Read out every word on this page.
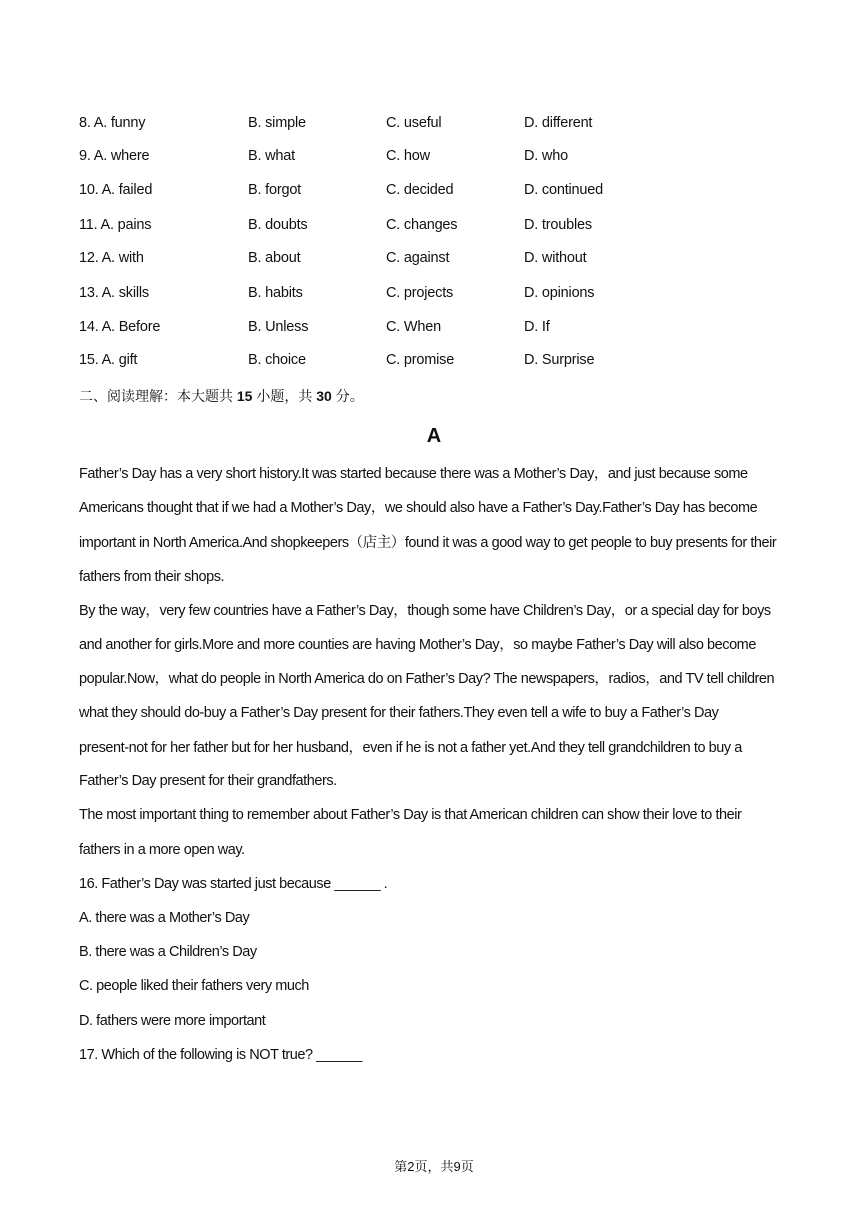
8. A. funny	B. simple	C. useful	D. different
9. A. where	B. what	C. how	D. who
10. A. failed	B. forgot	C. decided	D. continued
11. A. pains	B. doubts	C. changes	D. troubles
12. A. with	B. about	C. against	D. without
13. A. skills	B. habits	C. projects	D. opinions
14. A. Before	B. Unless	C. When	D. If
15. A. gift	B. choice	C. promise	D. Surprise
二、阅读理解：本大题共 15 小题，共 30 分。
A
Father’s Day has a very short history.It was started because there was a Mother’s Day，and just because some
Americans thought that if we had a Mother’s Day，we should also have a Father’s Day.Father’s Day has become
important in North America.And shopkeepers（店主）found it was a good way to get people to buy presents for their
fathers from their shops.
By the way，very few countries have a Father’s Day，though some have Children’s Day，or a special day for boys
and another for girls.More and more counties are having Mother’s Day，so maybe Father’s Day will also become
popular.Now，what do people in North America do on Father’s Day? The newspapers，radios，and TV tell children
what they should do-buy a Father’s Day present for their fathers.They even tell a wife to buy a Father’s Day
present-not for her father but for her husband，even if he is not a father yet.And they tell grandchildren to buy a
Father’s Day present for their grandfathers.
The most important thing to remember about Father’s Day is that American children can show their love to their
fathers in a more open way.
16. Father’s Day was started just because ______ .
A. there was a Mother’s Day
B. there was a Children’s Day
C. people liked their fathers very much
D. fathers were more important
17. Which of the following is NOT true? ______
第2页，共9页
